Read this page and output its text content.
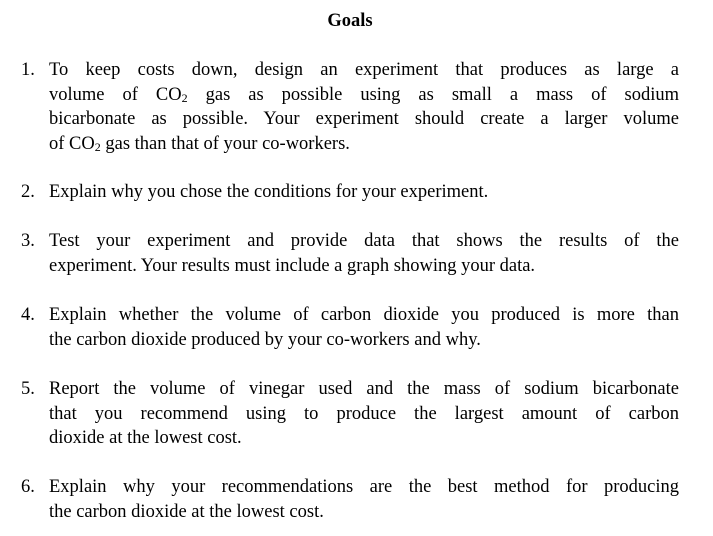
Goals
1. To keep costs down, design an experiment that produces as large a
volume of $CO_2$ gas as possible using as small a mass of sodium
bicarbonate as possible. Your experiment should create a larger volume
of $CO_2$ gas than that of your co-workers.
2. Explain why you chose the conditions for your experiment.
3. Test your experiment and provide data that shows the results of the
experiment. Your results must include a graph showing your data.
4. Explain whether the volume of carbon dioxide you produced is more than
the carbon dioxide produced by your co-workers and why.
5. Report the volume of vinegar used and the mass of sodium bicarbonate
that you recommend using to produce the largest amount of carbon
dioxide at the lowest cost.
6. Explain why your recommendations are the best method for producing
the carbon dioxide at the lowest cost.
